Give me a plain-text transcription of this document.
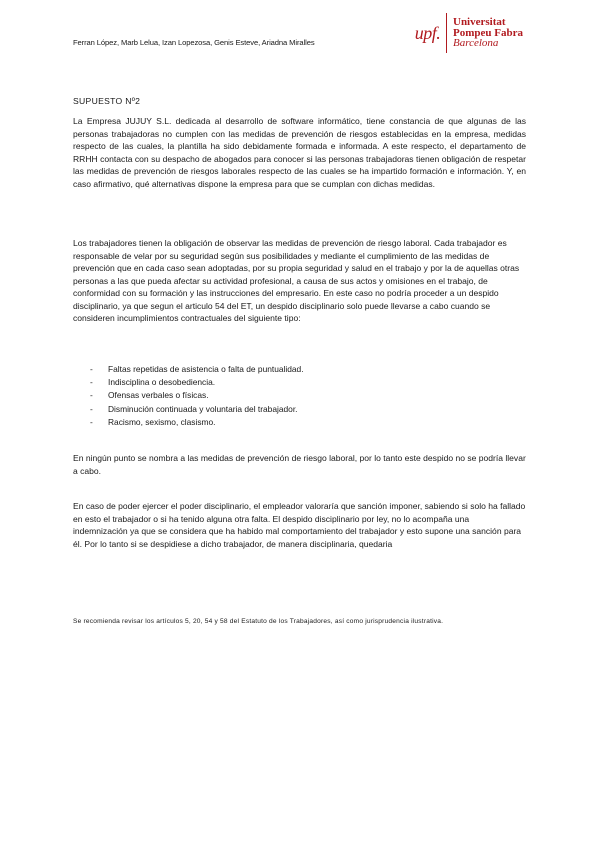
Ferran López, Marb Lelua, Izan Lopezosa, Genis Esteve, Ariadna Miralles	upf.
Universitat
Pompeu Fabra
Barcelona
SUPUESTO Nº2

La Empresa JUJUY S.L. dedicada al desarrollo de software informático, tiene constancia de que algunas de las personas trabajadoras no cumplen con las medidas de prevención de riesgos establecidas en la empresa, medidas respecto de las cuales, la plantilla ha sido debidamente formada e informada. A este respecto, el departamento de RRHH contacta con su despacho de abogados para conocer si las personas trabajadoras tienen obligación de respetar las medidas de prevención de riesgos laborales respecto de las cuales se ha impartido formación e información. Y, en caso afirmativo, qué alternativas dispone la empresa para que se cumplan con dichas medidas.

Los trabajadores tienen la obligación de observar las medidas de prevención de riesgo laboral. Cada trabajador es responsable de velar por su seguridad según sus posibilidades y mediante el cumplimiento de las medidas de prevención que en cada caso sean adoptadas, por su propia seguridad y salud en el trabajo y por la de aquellas otras personas a las que pueda afectar su actividad profesional, a causa de sus actos y omisiones en el trabajo, de conformidad con su formación y las instrucciones del empresario. En este caso no podría proceder a un despido disciplinario, ya que segun el articulo 54 del ET, un despido disciplinario solo puede llevarse a cabo cuando se consideren incumplimientos contractuales del siguiente tipo:

- Faltas repetidas de asistencia o falta de puntualidad.
- Indisciplina o desobediencia.
- Ofensas verbales o físicas.
- Disminución continuada y voluntaria del trabajador.
- Racismo, sexismo, clasismo.

En ningún punto se nombra a las medidas de prevención de riesgo laboral, por lo tanto este despido no se podría llevar a cabo.

En caso de poder ejercer el poder disciplinario, el empleador valoraría que sanción imponer, sabiendo si solo ha fallado en esto el trabajador o si ha tenido alguna otra falta. El despido disciplinario por ley, no lo acompaña una indemnización ya que se considera que ha habido mal comportamiento del trabajador y esto supone una sanción para él. Por lo tanto si se despidiese a dicho trabajador, de manera disciplinaria, quedaria

Se recomienda revisar los artículos 5, 20, 54 y 58 del Estatuto de los Trabajadores, así como jurisprudencia ilustrativa.
